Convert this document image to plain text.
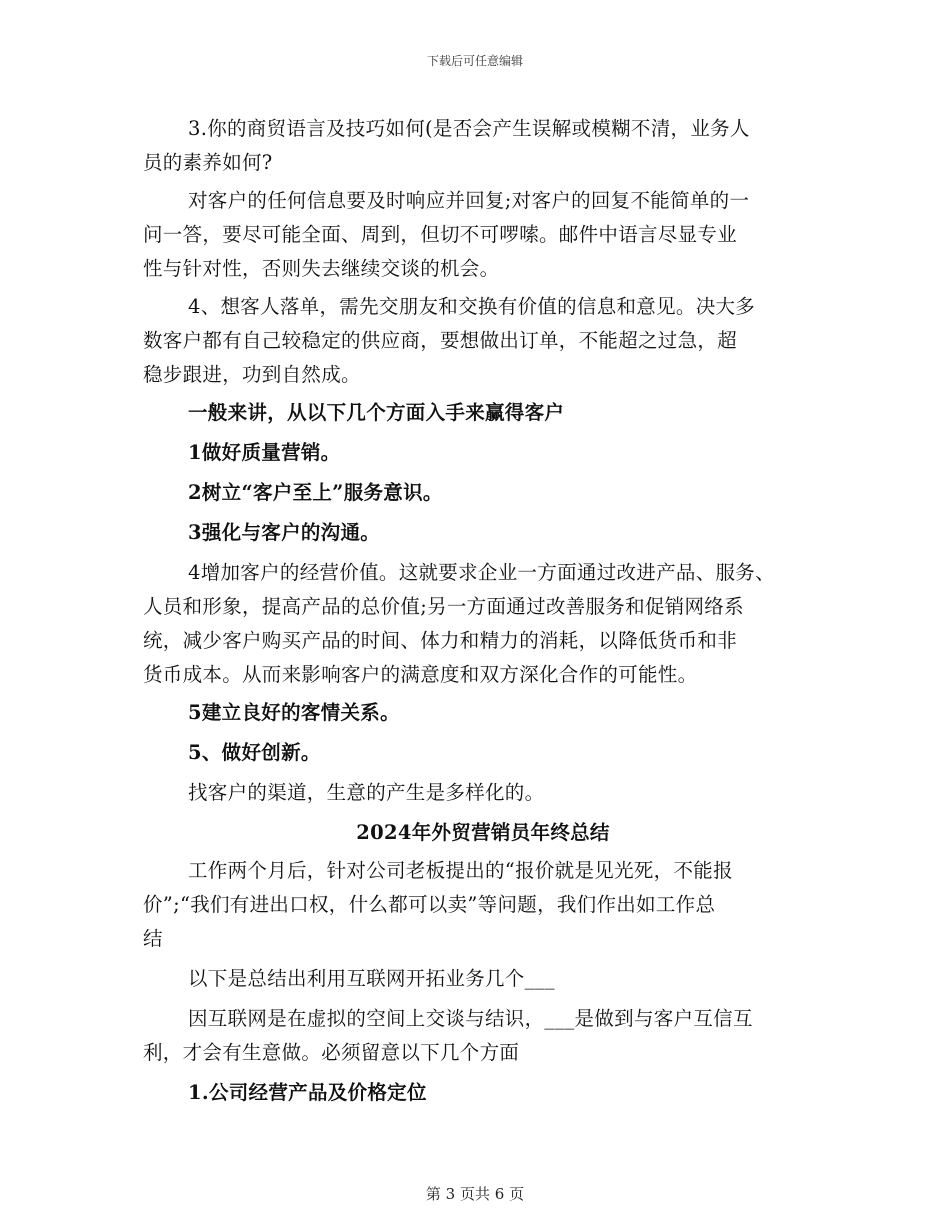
下载后可任意编辑

3.你的商贸语言及技巧如何(是否会产生误解或模糊不清，业务人
员的素养如何?

对客户的任何信息要及时响应并回复;对客户的回复不能简单的一
问一答，要尽可能全面、周到，但切不可啰嗦。邮件中语言尽显专业
性与针对性，否则失去继续交谈的机会。

4、想客人落单，需先交朋友和交换有价值的信息和意见。决大多
数客户都有自己较稳定的供应商，要想做出订单，不能超之过急，超
稳步跟进，功到自然成。

一般来讲，从以下几个方面入手来赢得客户

1做好质量营销。

2树立“客户至上”服务意识。

3强化与客户的沟通。

4增加客户的经营价值。这就要求企业一方面通过改进产品、服务、
人员和形象，提高产品的总价值;另一方面通过改善服务和促销网络系
统，减少客户购买产品的时间、体力和精力的消耗，以降低货币和非
货币成本。从而来影响客户的满意度和双方深化合作的可能性。

5建立良好的客情关系。

5、做好创新。

找客户的渠道，生意的产生是多样化的。

2024年外贸营销员年终总结

工作两个月后，针对公司老板提出的“报价就是见光死，不能报
价”;“我们有进出口权，什么都可以卖”等问题，我们作出如工作总
结

以下是总结出利用互联网开拓业务几个___

因互联网是在虚拟的空间上交谈与结识，___是做到与客户互信互
利，才会有生意做。必须留意以下几个方面

1.公司经营产品及价格定位

第 3 页共 6 页
